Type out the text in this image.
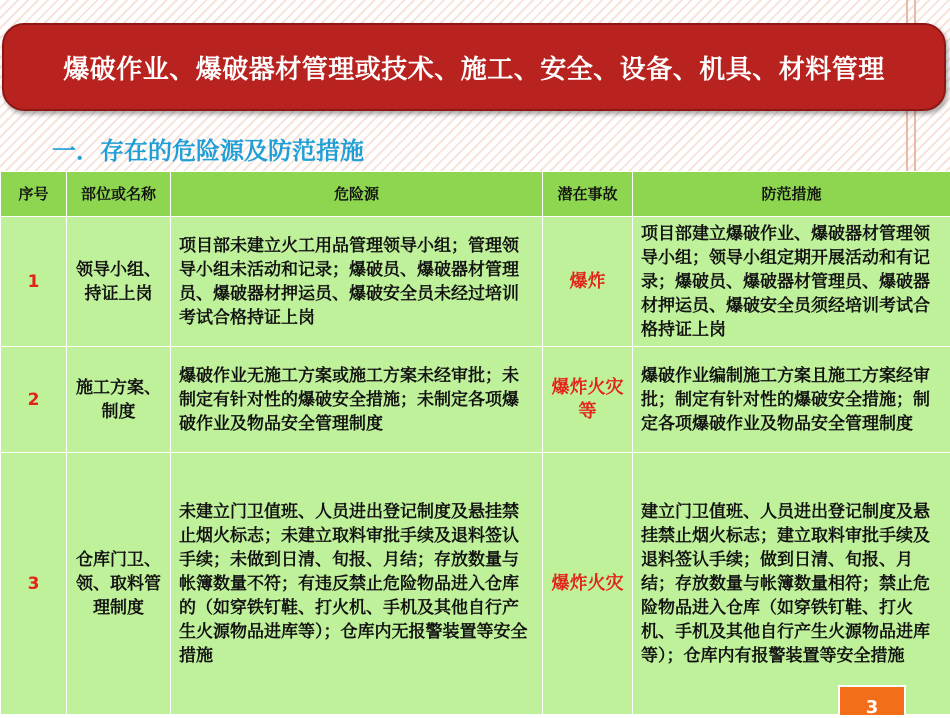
爆破作业、爆破器材管理或技术、施工、安全、设备、机具、材料管理
一．存在的危险源及防范措施
序号	部位或名称	危险源	潜在事故	防范措施
1	领导小组、持证上岗	项目部未建立火工用品管理领导小组；管理领导小组未活动和记录；爆破员、爆破器材管理员、爆破器材押运员、爆破安全员未经过培训考试合格持证上岗	爆炸	项目部建立爆破作业、爆破器材管理领导小组；领导小组定期开展活动和有记录；爆破员、爆破器材管理员、爆破器材押运员、爆破安全员须经培训考试合格持证上岗
2	施工方案、制度	爆破作业无施工方案或施工方案未经审批；未制定有针对性的爆破安全措施；未制定各项爆破作业及物品安全管理制度	爆炸火灾等	爆破作业编制施工方案且施工方案经审批；制定有针对性的爆破安全措施；制定各项爆破作业及物品安全管理制度
3	仓库门卫、领、取料管理制度	未建立门卫值班、人员进出登记制度及悬挂禁止烟火标志；未建立取料审批手续及退料签认手续；未做到日清、旬报、月结；存放数量与帐簿数量不符；有违反禁止危险物品进入仓库的（如穿铁钉鞋、打火机、手机及其他自行产生火源物品进库等）；仓库内无报警装置等安全措施	爆炸火灾	建立门卫值班、人员进出登记制度及悬挂禁止烟火标志；建立取料审批手续及退料签认手续；做到日清、旬报、月结；存放数量与帐簿数量相符；禁止危险物品进入仓库（如穿铁钉鞋、打火机、手机及其他自行产生火源物品进库等）；仓库内有报警装置等安全措施
3
